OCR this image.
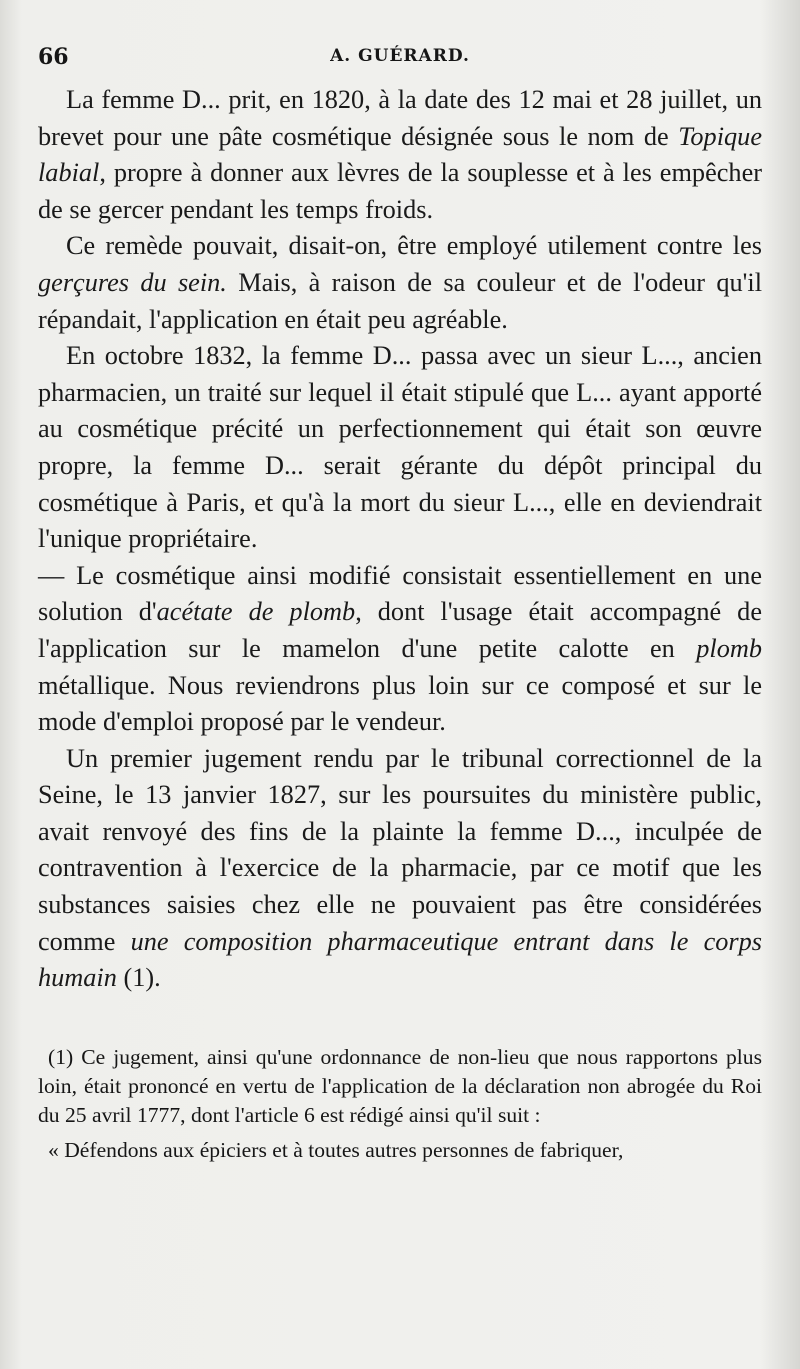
66	A. GUÉRARD.

La femme D... prit, en 1820, à la date des 12 mai et 28 juillet, un brevet pour une pâte cosmétique désignée sous le nom de Topique labial, propre à donner aux lèvres de la souplesse et à les empêcher de se gercer pendant les temps froids.

Ce remède pouvait, disait-on, être employé utilement contre les gerçures du sein. Mais, à raison de sa couleur et de l'odeur qu'il répandait, l'application en était peu agréable.

En octobre 1832, la femme D... passa avec un sieur L..., ancien pharmacien, un traité sur lequel il était stipulé que L... ayant apporté au cosmétique précité un perfectionnement qui était son œuvre propre, la femme D... serait gérante du dépôt principal du cosmétique à Paris, et qu'à la mort du sieur L..., elle en deviendrait l'unique propriétaire.

— Le cosmétique ainsi modifié consistait essentiellement en une solution d'acétate de plomb, dont l'usage était accompagné de l'application sur le mamelon d'une petite calotte en plomb métallique. Nous reviendrons plus loin sur ce composé et sur le mode d'emploi proposé par le vendeur.

Un premier jugement rendu par le tribunal correctionnel de la Seine, le 13 janvier 1827, sur les poursuites du ministère public, avait renvoyé des fins de la plainte la femme D..., inculpée de contravention à l'exercice de la pharmacie, par ce motif que les substances saisies chez elle ne pouvaient pas être considérées comme une composition pharmaceutique entrant dans le corps humain (1).

(1) Ce jugement, ainsi qu'une ordonnance de non-lieu que nous rapportons plus loin, était prononcé en vertu de l'application de la déclaration non abrogée du Roi du 25 avril 1777, dont l'article 6 est rédigé ainsi qu'il suit :

« Défendons aux épiciers et à toutes autres personnes de fabriquer,
